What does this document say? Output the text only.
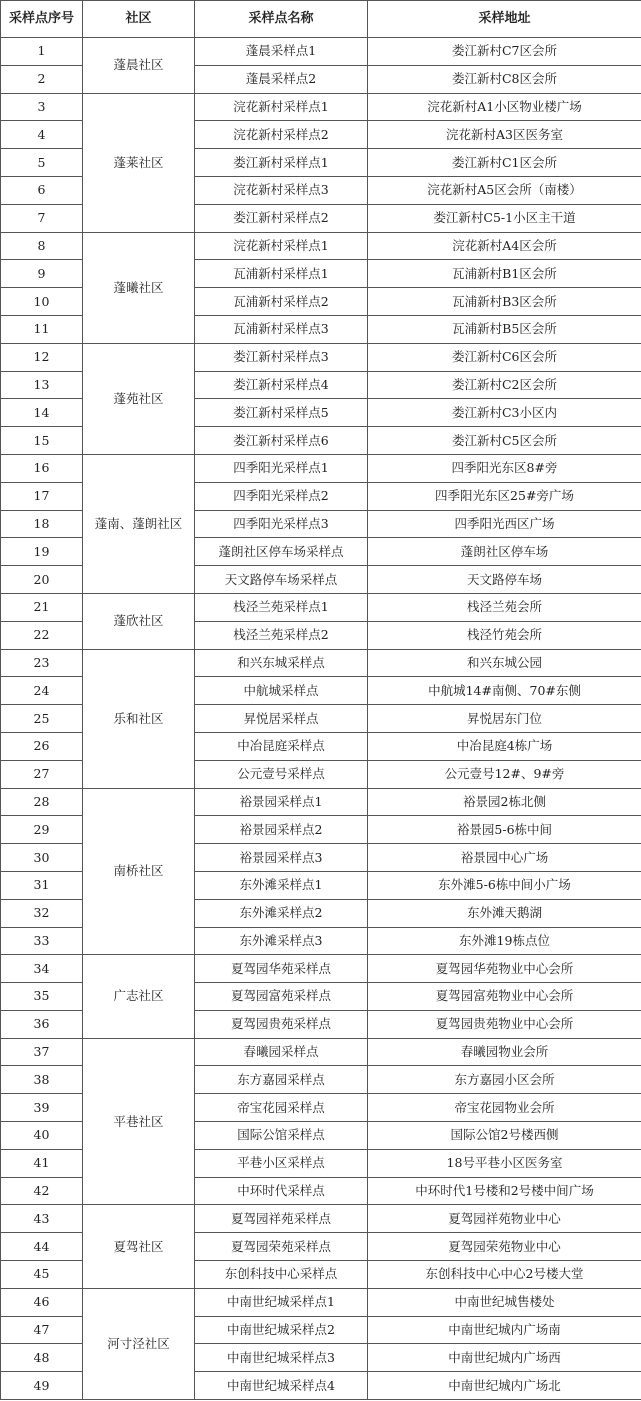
采样点序号	社区	采样点名称	采样地址
1	蓬晨社区	蓬晨采样点1	娄江新村C7区会所
2		蓬晨采样点2	娄江新村C8区会所
3	蓬莱社区	浣花新村采样点1	浣花新村A1小区物业楼广场
4		浣花新村采样点2	浣花新村A3区医务室
5		娄江新村采样点1	娄江新村C1区会所
6		浣花新村采样点3	浣花新村A5区会所（南楼）
7		娄江新村采样点2	娄江新村C5-1小区主干道
8	蓬曦社区	浣花新村采样点1	浣花新村A4区会所
9		瓦浦新村采样点1	瓦浦新村B1区会所
10		瓦浦新村采样点2	瓦浦新村B3区会所
11		瓦浦新村采样点3	瓦浦新村B5区会所
12	蓬苑社区	娄江新村采样点3	娄江新村C6区会所
13		娄江新村采样点4	娄江新村C2区会所
14		娄江新村采样点5	娄江新村C3小区内
15		娄江新村采样点6	娄江新村C5区会所
16	蓬南、蓬朗社区	四季阳光采样点1	四季阳光东区8#旁
17		四季阳光采样点2	四季阳光东区25#旁广场
18		四季阳光采样点3	四季阳光西区广场
19		蓬朗社区停车场采样点	蓬朗社区停车场
20		天文路停车场采样点	天文路停车场
21	蓬欣社区	栈泾兰苑采样点1	栈泾兰苑会所
22		栈泾兰苑采样点2	栈泾竹苑会所
23	乐和社区	和兴东城采样点	和兴东城公园
24		中航城采样点	中航城14#南侧、70#东侧
25		昇悦居采样点	昇悦居东门位
26		中冶昆庭采样点	中冶昆庭4栋广场
27		公元壹号采样点	公元壹号12#、9#旁
28	南桥社区	裕景园采样点1	裕景园2栋北侧
29		裕景园采样点2	裕景园5-6栋中间
30		裕景园采样点3	裕景园中心广场
31		东外滩采样点1	东外滩5-6栋中间小广场
32		东外滩采样点2	东外滩天鹅湖
33		东外滩采样点3	东外滩19栋点位
34	广志社区	夏驾园华苑采样点	夏驾园华苑物业中心会所
35		夏驾园富苑采样点	夏驾园富苑物业中心会所
36		夏驾园贵苑采样点	夏驾园贵苑物业中心会所
37	平巷社区	春曦园采样点	春曦园物业会所
38		东方嘉园采样点	东方嘉园小区会所
39		帝宝花园采样点	帝宝花园物业会所
40		国际公馆采样点	国际公馆2号楼西侧
41		平巷小区采样点	18号平巷小区医务室
42		中环时代采样点	中环时代1号楼和2号楼中间广场
43	夏驾社区	夏驾园祥苑采样点	夏驾园祥苑物业中心
44		夏驾园荣苑采样点	夏驾园荣苑物业中心
45		东创科技中心采样点	东创科技中心中心2号楼大堂
46	河寸泾社区	中南世纪城采样点1	中南世纪城售楼处
47		中南世纪城采样点2	中南世纪城内广场南
48		中南世纪城采样点3	中南世纪城内广场西
49		中南世纪城采样点4	中南世纪城内广场北
